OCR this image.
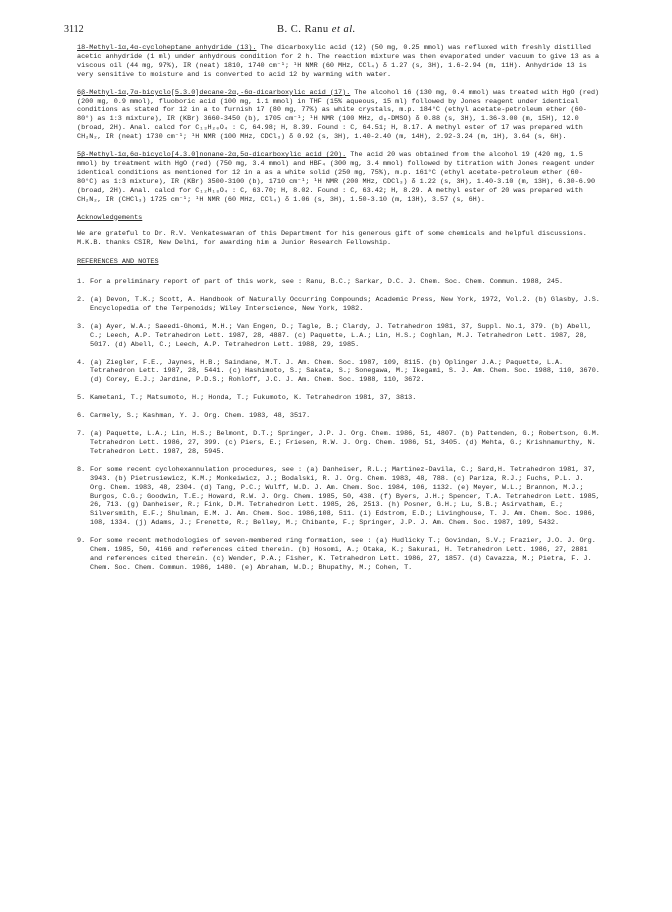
3112	B. C. Ranu et al.

18-Methyl-1α,4α-cycloheptane anhydride (13). The dicarboxylic acid (12) (50 mg, 0.25 mmol) was refluxed with freshly distilled acetic anhydride (1 ml) under anhydrous condition for 2 h. The reaction mixture was then evaporated under vacuum to give 13 as a viscous oil (44 mg, 97%), IR (neat) 1810, 1740 cm⁻¹; ¹H NMR (60 MHz, CCl₄) δ 1.27 (s, 3H), 1.6-2.94 (m, 11H). Anhydride 13 is very sensitive to moisture and is converted to acid 12 by warming with water.

6β-Methyl-1α,7α-bicyclo[5.3.0]decane-2α,-6α-dicarboxylic acid (17). The alcohol 16 (130 mg, 0.4 mmol) was treated with HgO (red)(200 mg, 0.9 mmol), fluoboric acid (100 mg, 1.1 mmol) in THF (15% aqueous, 15 ml) followed by Jones reagent under identical conditions as stated for 12 in a to furnish 17 (80 mg, 77%) as white crystals, m.p. 184°C (ethyl acetate-petroleum ether (60-80°) as 1:3 mixture), IR (KBr) 3660-3450 (b), 1705 cm⁻¹; ¹H NMR (100 MHz, d₆-DMSO) δ 0.88 (s, 3H), 1.36-3.00 (m, 15H), 12.0 (broad, 2H). Anal. calcd for C₁₃H₂₀O₄ : C, 64.98; H, 8.39. Found : C, 64.51; H, 8.17. A methyl ester of 17 was prepared with CH₂N₂, IR (neat) 1730 cm⁻¹; ¹H NMR (100 MHz, CDCl₃) δ 0.92 (s, 3H), 1.40-2.40 (m, 14H), 2.92-3.24 (m, 1H), 3.64 (s, 6H).

5β-Methyl-1α,6α-bicyclo[4.3.0]nonane-2α,5α-dicarboxylic acid (20). The acid 20 was obtained from the alcohol 19 (420 mg, 1.5 mmol) by treatment with HgO (red) (750 mg, 3.4 mmol) and HBF₄ (300 mg, 3.4 mmol) followed by titration with Jones reagent under identical conditions as mentioned for 12 in a as a white solid (250 mg, 75%), m.p. 161°C (ethyl acetate-petroleum ether (60-80°C) as 1:3 mixture), IR (KBr) 3500-3100 (b), 1710 cm⁻¹; ¹H NMR (200 MHz, CDCl₃) δ 1.22 (s, 3H), 1.40-3.10 (m, 13H), 6.30-6.90 (broad, 2H). Anal. calcd for C₁₂H₁₈O₄ : C, 63.70; H, 8.02. Found : C, 63.42; H, 8.29. A methyl ester of 20 was prepared with CH₂N₂, IR (CHCl₃) 1725 cm⁻¹; ¹H NMR (60 MHz, CCl₄) δ 1.06 (s, 3H), 1.50-3.10 (m, 13H), 3.57 (s, 6H).

Acknowledgements

We are grateful to Dr. R.V. Venkateswaran of this Department for his generous gift of some chemicals and helpful discussions. M.K.B. thanks CSIR, New Delhi, for awarding him a Junior Research Fellowship.

REFERENCES AND NOTES

1. For a preliminary report of part of this work, see : Ranu, B.C.; Sarkar, D.C. J. Chem. Soc. Chem. Commun. 1988, 245.
2. (a) Devon, T.K.; Scott, A. Handbook of Naturally Occurring Compounds; Academic Press, New York, 1972, Vol.2. (b) Glasby, J.S. Encyclopedia of the Terpenoids; Wiley Interscience, New York, 1982.
3. (a) Ayer, W.A.; Saeedi-Ghomi, M.H.; Van Engen, D.; Tagle, B.; Clardy, J. Tetrahedron 1981, 37, Suppl. No.1, 379. (b) Abell, C.; Leech, A.P. Tetrahedron Lett. 1987, 28, 4887. (c) Paquette, L.A.; Lin, H.S.; Coghlan, M.J. Tetrahedron Lett. 1987, 28, 5017. (d) Abell, C.; Leech, A.P. Tetrahedron Lett. 1988, 29, 1985.
4. (a) Ziegler, F.E., Jaynes, H.B.; Saindane, M.T. J. Am. Chem. Soc. 1987, 109, 8115. (b) Oplinger J.A.; Paquette, L.A. Tetrahedron Lett. 1987, 28, 5441. (c) Hashimoto, S.; Sakata, S.; Sonegawa, M.; Ikegami, S. J. Am. Chem. Soc. 1988, 110, 3670. (d) Corey, E.J.; Jardine, P.D.S.; Rohloff, J.C. J. Am. Chem. Soc. 1988, 110, 3672.
5. Kametani, T.; Matsumoto, H.; Honda, T.; Fukumoto, K. Tetrahedron 1981, 37, 3813.
6. Carmely, S.; Kashman, Y. J. Org. Chem. 1983, 48, 3517.
7. (a) Paquette, L.A.; Lin, H.S.; Belmont, D.T.; Springer, J.P. J. Org. Chem. 1986, 51, 4807. (b) Pattenden, G.; Robertson, G.M. Tetrahedron Lett. 1986, 27, 399. (c) Piers, E.; Friesen, R.W. J. Org. Chem. 1986, 51, 3405. (d) Mehta, G.; Krishnamurthy, N. Tetrahedron Lett. 1987, 28, 5945.
8. For some recent cyclohexannulation procedures, see : (a) Danheiser, R.L.; Martinez-Davila, C.; Sard,H. Tetrahedron 1981, 37, 3943. (b) Pietrusiewicz, K.M.; Monkeiwicz, J.; Bodalski, R. J. Org. Chem. 1983, 48, 788. (c) Pariza, R.J.; Fuchs, P.L. J. Org. Chem. 1983, 48, 2304. (d) Tang, P.C.; Wulff, W.D. J. Am. Chem. Soc. 1984, 106, 1132. (e) Meyer, W.L.; Brannon, M.J.; Burgos, C.G.; Goodwin, T.E.; Howard, R.W. J. Org. Chem. 1985, 50, 438. (f) Byers, J.H.; Spencer, T.A. Tetrahedron Lett. 1985, 26, 713. (g) Danheiser, R.; Fink, D.M. Tetrahedron Lett. 1985, 26, 2513. (h) Posner, G.H.; Lu, S.B.; Asirvatham, E.; Silversmith, E.F.; Shulman, E.M. J. Am. Chem. Soc. 1986,108, 511. (i) Edstrom, E.D.; Livinghouse, T. J. Am. Chem. Soc. 1986, 108, 1334. (j) Adams, J.; Frenette, R.; Belley, M.; Chibante, F.; Springer, J.P. J. Am. Chem. Soc. 1987, 109, 5432.
9. For some recent methodologies of seven-membered ring formation, see : (a) Hudlicky T.; Govindan, S.V.; Frazier, J.O. J. Org. Chem. 1985, 50, 4166 and references cited therein. (b) Hosomi, A.; Otaka, K.; Sakurai, H. Tetrahedron Lett. 1986, 27, 2881 and references cited therein. (c) Wender, P.A.; Fisher, K. Tetrahedron Lett. 1986, 27, 1857. (d) Cavazza, M.; Pietra, F. J. Chem. Soc. Chem. Commun. 1986, 1480. (e) Abraham, W.D.; Bhupathy, M.; Cohen, T.
